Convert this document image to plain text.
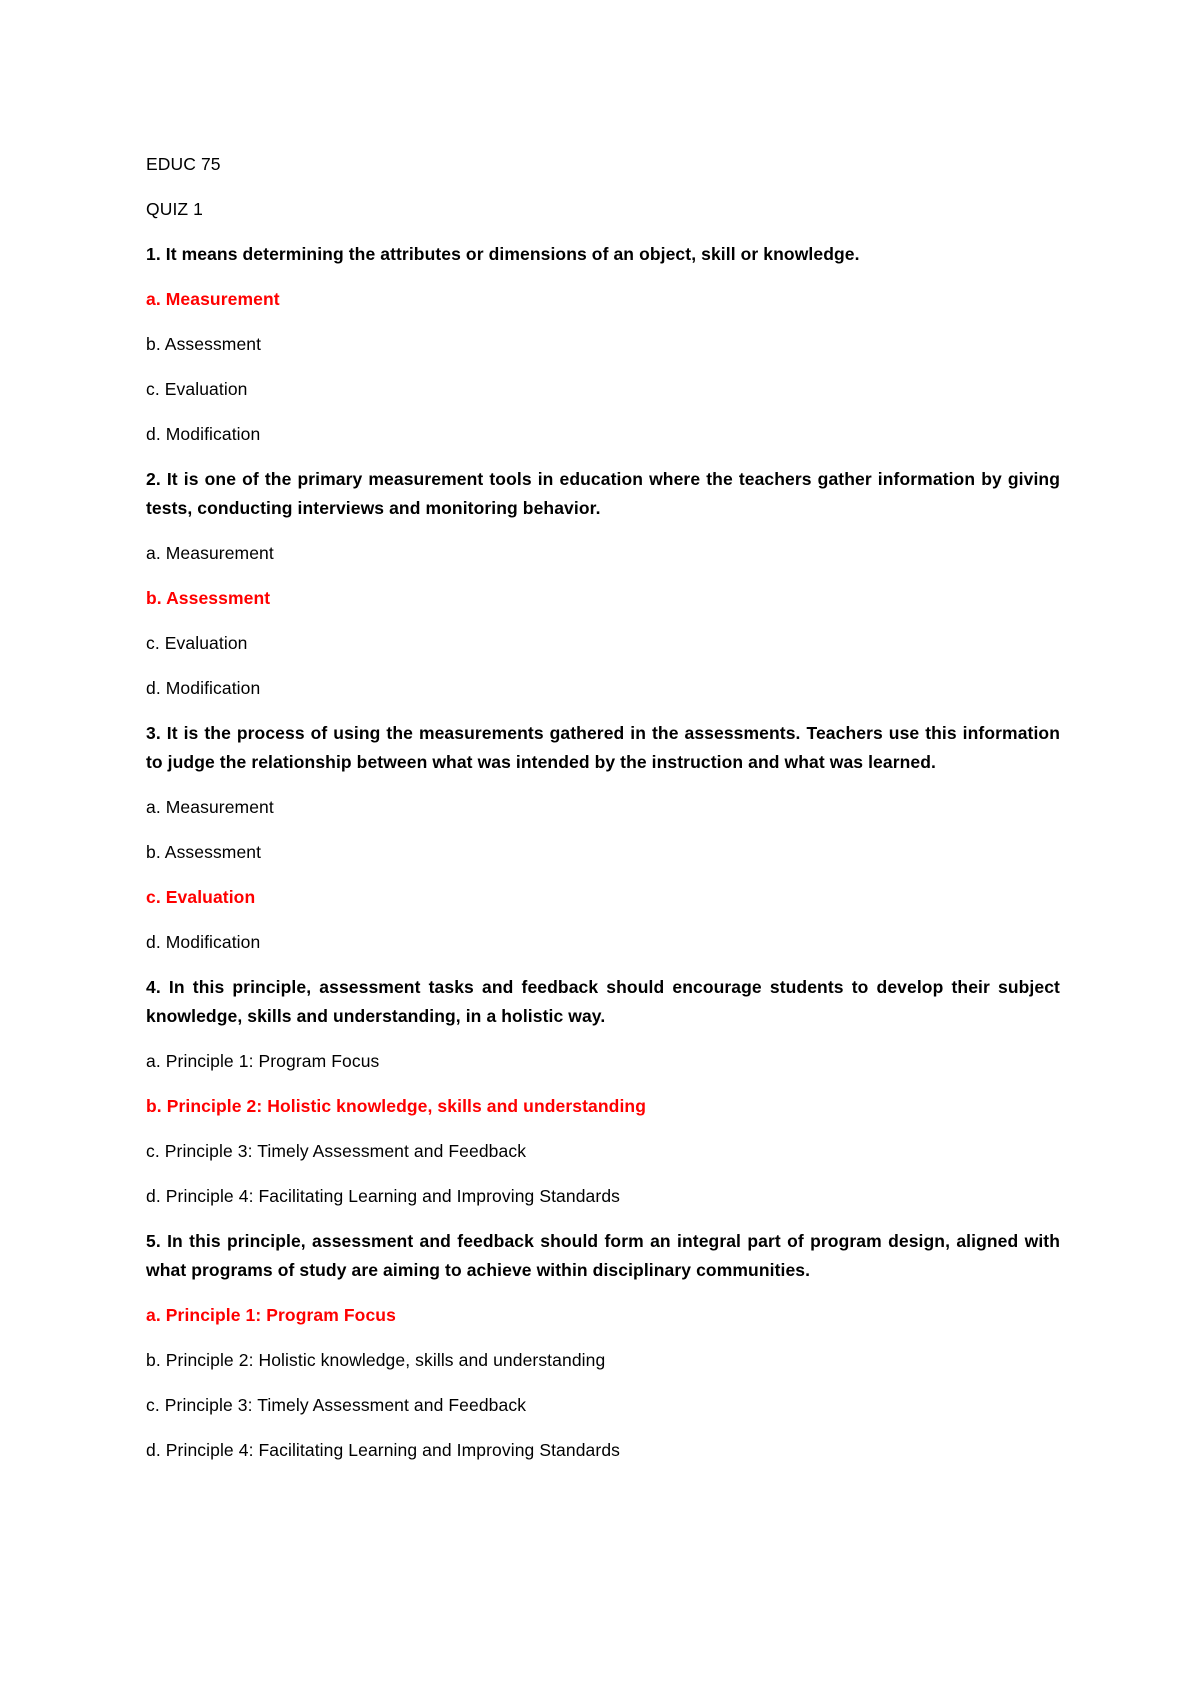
EDUC 75

QUIZ 1

1. It means determining the attributes or dimensions of an object, skill or knowledge.

a. Measurement

b. Assessment

c. Evaluation

d. Modification

2. It is one of the primary measurement tools in education where the teachers gather information by giving tests, conducting interviews and monitoring behavior.

a. Measurement

b. Assessment

c. Evaluation

d. Modification

3. It is the process of using the measurements gathered in the assessments. Teachers use this information to judge the relationship between what was intended by the instruction and what was learned.

a. Measurement

b. Assessment

c. Evaluation

d. Modification

4. In this principle, assessment tasks and feedback should encourage students to develop their subject knowledge, skills and understanding, in a holistic way.

a. Principle 1: Program Focus

b. Principle 2: Holistic knowledge, skills and understanding

c. Principle 3: Timely Assessment and Feedback

d. Principle 4: Facilitating Learning and Improving Standards

5. In this principle, assessment and feedback should form an integral part of program design, aligned with what programs of study are aiming to achieve within disciplinary communities.

a. Principle 1: Program Focus

b. Principle 2: Holistic knowledge, skills and understanding

c. Principle 3: Timely Assessment and Feedback

d. Principle 4: Facilitating Learning and Improving Standards
